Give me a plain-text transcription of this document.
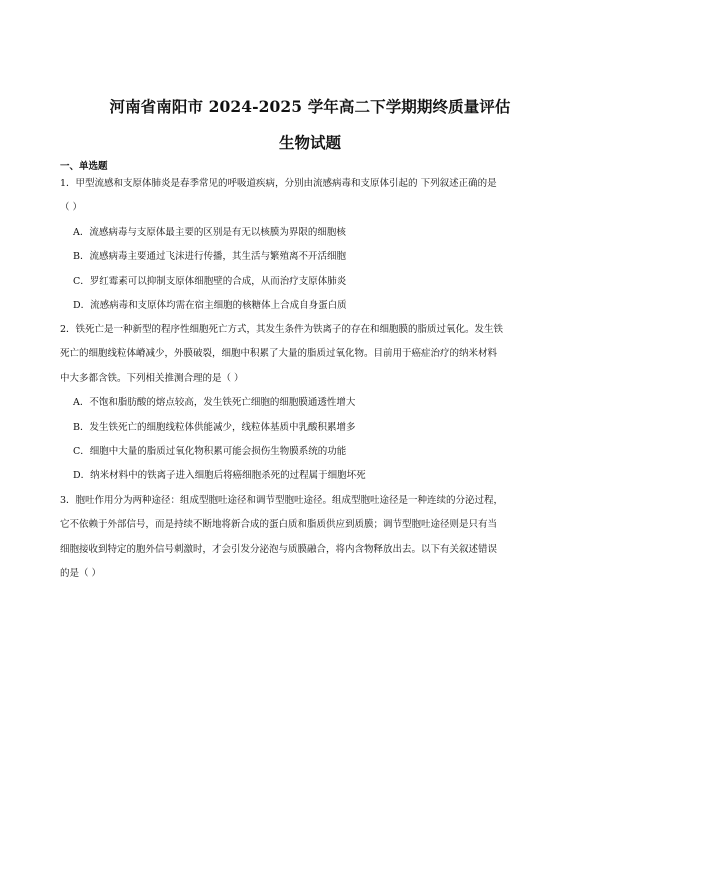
河南省南阳市 2024-2025 学年高二下学期期终质量评估
生物试题
一、单选题
1．甲型流感和支原体肺炎是春季常见的呼吸道疾病，分别由流感病毒和支原体引起的 下列叙述正确的是
（ ）
A．流感病毒与支原体最主要的区别是有无以核膜为界限的细胞核
B．流感病毒主要通过飞沫进行传播，其生活与繁殖离不开活细胞
C．罗红霉素可以抑制支原体细胞壁的合成，从而治疗支原体肺炎
D．流感病毒和支原体均需在宿主细胞的核糖体上合成自身蛋白质
2．铁死亡是一种新型的程序性细胞死亡方式，其发生条件为铁离子的存在和细胞膜的脂质过氧化。发生铁
死亡的细胞线粒体嵴减少，外膜破裂，细胞中积累了大量的脂质过氧化物。目前用于癌症治疗的纳米材料
中大多都含铁。下列相关推测合理的是（ ）
A．不饱和脂肪酸的熔点较高，发生铁死亡细胞的细胞膜通透性增大
B．发生铁死亡的细胞线粒体供能减少，线粒体基质中乳酸积累增多
C．细胞中大量的脂质过氧化物积累可能会损伤生物膜系统的功能
D．纳米材料中的铁离子进入细胞后将癌细胞杀死的过程属于细胞坏死
3．胞吐作用分为两种途径：组成型胞吐途径和调节型胞吐途径。组成型胞吐途径是一种连续的分泌过程，
它不依赖于外部信号，而是持续不断地将新合成的蛋白质和脂质供应到质膜；调节型胞吐途径则是只有当
细胞接收到特定的胞外信号刺激时，才会引发分泌泡与质膜融合，将内含物释放出去。以下有关叙述错误
的是（ ）
